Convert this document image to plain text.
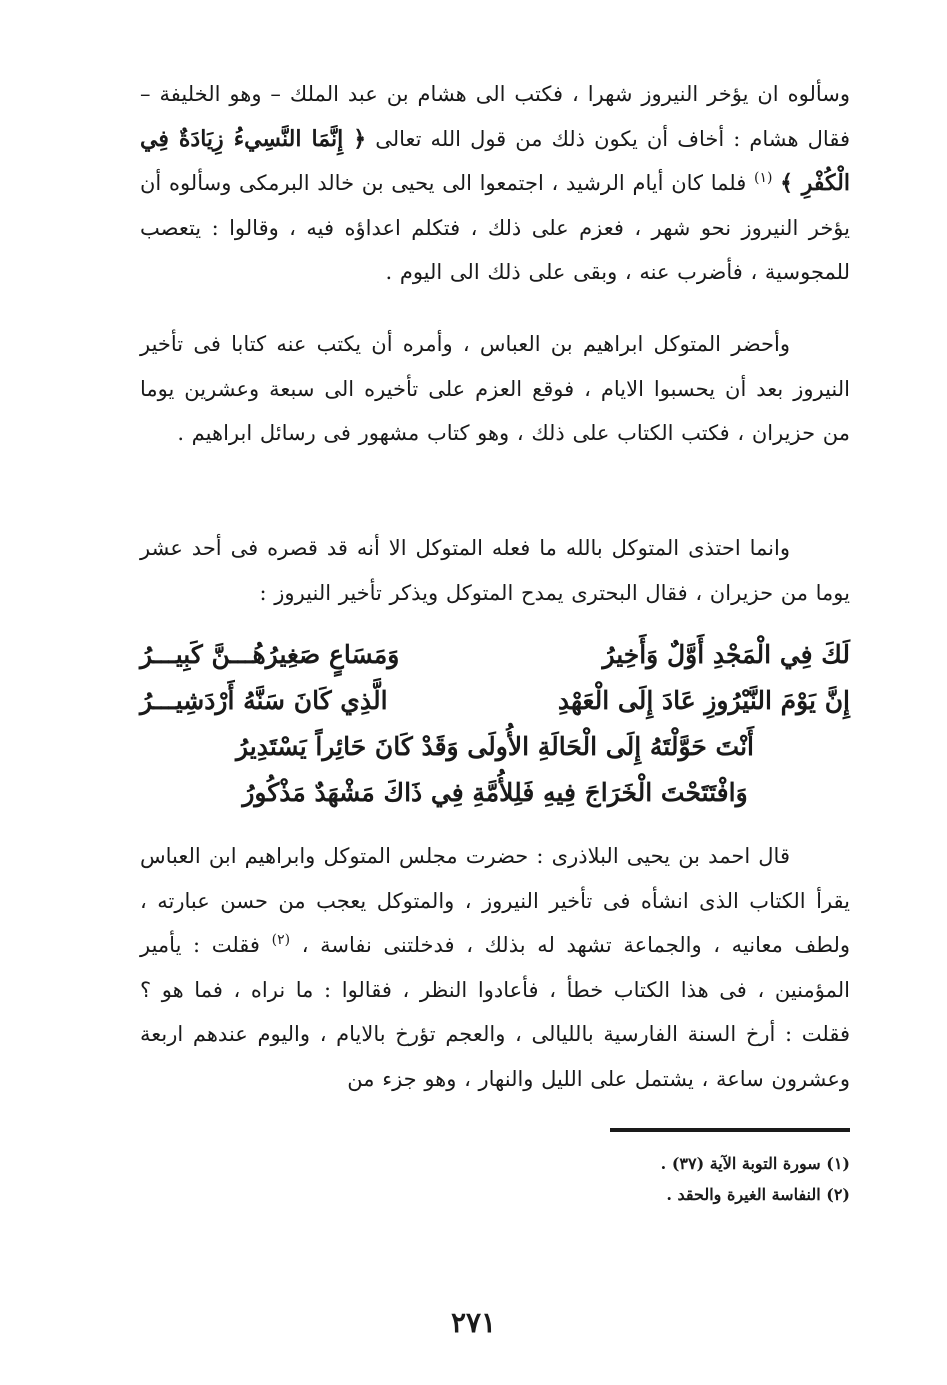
وسألوه ان يؤخر النيروز شهرا ، فكتب الى هشام بن عبد الملك – وهو الخليفة – فقال هشام : أخاف أن يكون ذلك من قول الله تعالى ﴿ إِنَّمَا النَّسِيءُ زِيَادَةٌ فِي الْكُفْرِ ﴾ $^{(١)}$ فلما كان أيام الرشيد ، اجتمعوا الى يحيى بن خالد البرمكى وسألوه أن يؤخر النيروز نحو شهر ، فعزم على ذلك ، فتكلم اعداؤه فيه ، وقالوا : يتعصب للمجوسية ، فأضرب عنه ، وبقى على ذلك الى اليوم .

وأحضر المتوكل ابراهيم بن العباس ، وأمره أن يكتب عنه كتابا فى تأخير النيروز بعد أن يحسبوا الايام ، فوقع العزم على تأخيره الى سبعة وعشرين يوما من حزيران ، فكتب الكتاب على ذلك ، وهو كتاب مشهور فى رسائل ابراهيم .

وانما احتذى المتوكل بالله ما فعله المتوكل الا أنه قد قصره فى أحد عشر يوما من حزيران ، فقال البحترى يمدح المتوكل ويذكر تأخير النيروز :

لَكَ فِي الْمَجْدِ أَوَّلٌ وَأَخِيرُ
وَمَسَاعٍ صَغِيرُهُـــنَّ كَبِيـــرُ
إِنَّ يَوْمَ النَّيْرُوزِ عَادَ إِلَى الْعَهْدِ
الَّذِي كَانَ سَنَّهُ أَرْدَشِيـــرُ
أَنْتَ حَوَّلْتَهُ إِلَى الْحَالَةِ الأُولَى وَقَدْ كَانَ حَائِراً يَسْتَدِيرُ
وَافْتَتَحْتَ الْخَرَاجَ فِيهِ فَلِلأُمَّةِ فِي ذَاكَ مَشْهَدٌ مَذْكُورُ

قال احمد بن يحيى البلاذرى : حضرت مجلس المتوكل وابراهيم ابن العباس يقرأ الكتاب الذى انشأه فى تأخير النيروز ، والمتوكل يعجب من حسن عبارته ، ولطف معانيه ، والجماعة تشهد له بذلك ، فدخلتنى نفاسة ، $^{(٢)}$ فقلت : يأمير المؤمنين ، فى هذا الكتاب خطأ ، فأعادوا النظر ، فقالوا : ما نراه ، فما هو ؟ فقلت : أرخ السنة الفارسية بالليالى ، والعجم تؤرخ بالايام ، واليوم عندهم اربعة وعشرون ساعة ، يشتمل على الليل والنهار ، وهو جزء من

(١) سورة التوبة الآية (٣٧) .

(٢) النفاسة الغيرة والحقد .

٢٧١
